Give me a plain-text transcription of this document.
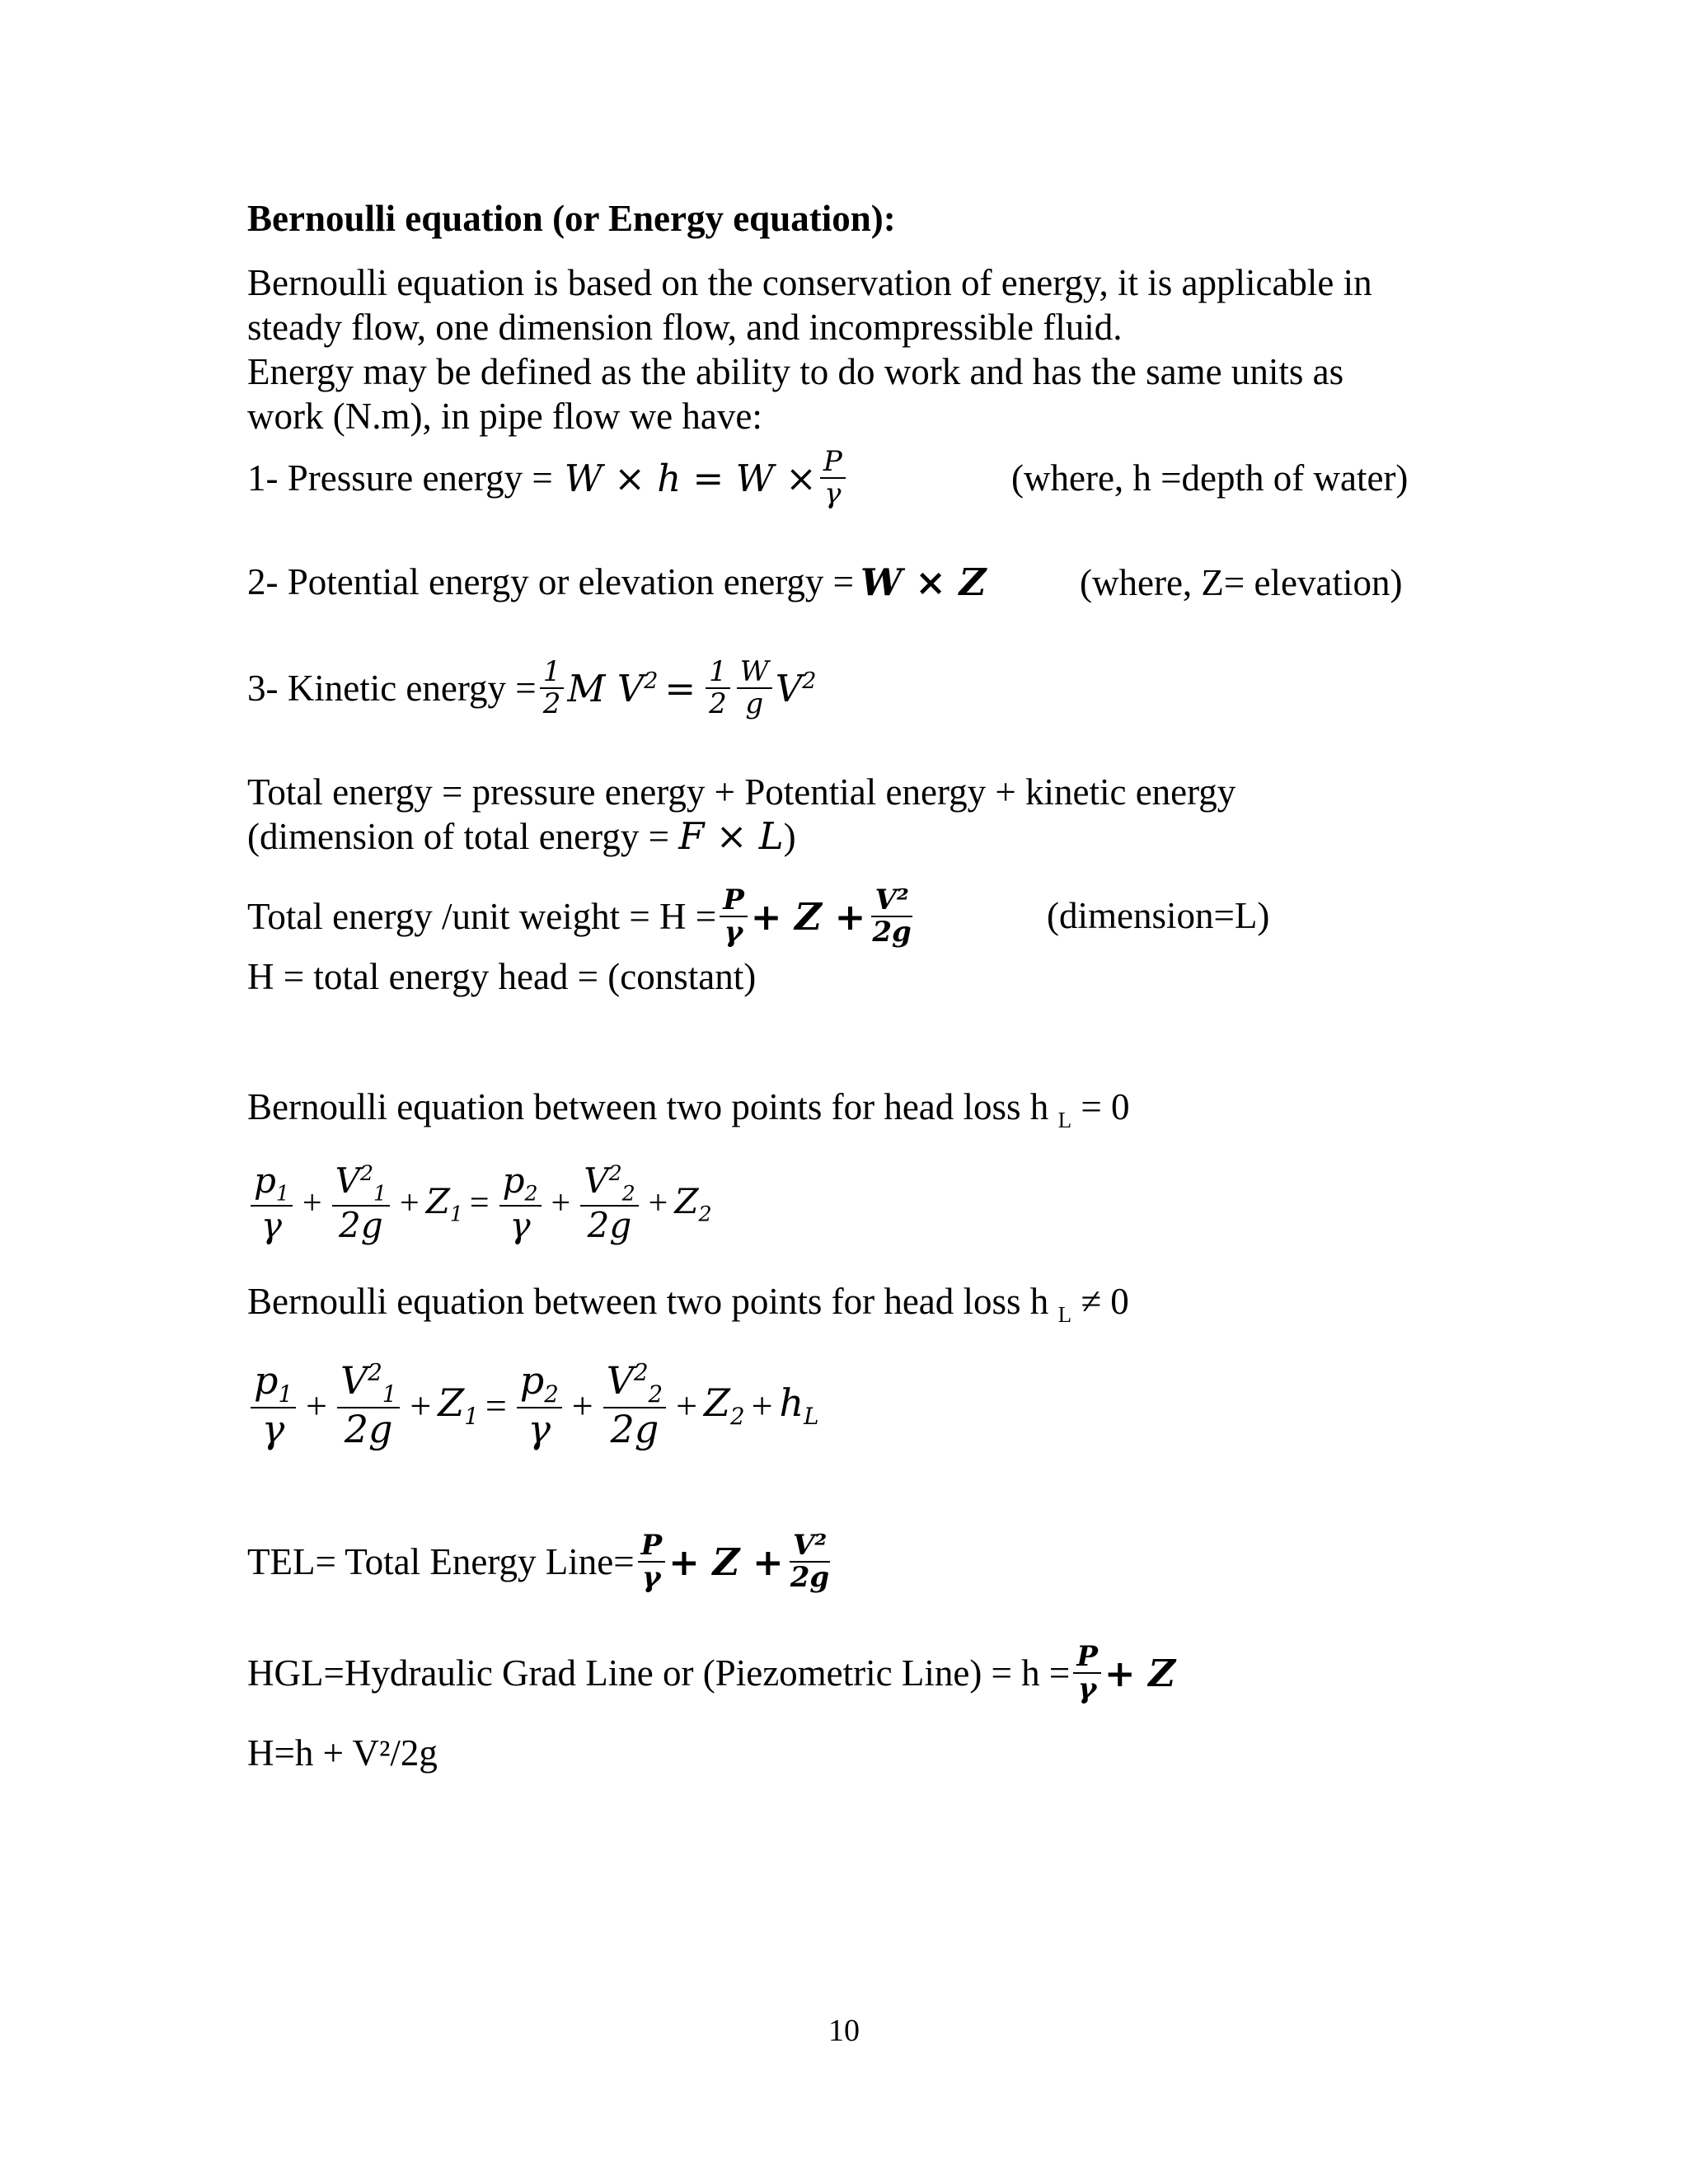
Bernoulli equation (or Energy equation):
Bernoulli equation is based on the conservation of energy, it is applicable in
steady flow, one dimension flow, and incompressible fluid.
Energy may be defined as the ability to do work and has the same units as
work (N.m), in pipe flow we have:
1- Pressure energy = $W \times h = W \times \frac{P}{\gamma}$	(where, h =depth of water)
2- Potential energy or elevation energy = W × Z	(where, Z= elevation)
3- Kinetic energy = $\frac{1}{2}$ M $V^2 = \frac{1}{2} \frac{W}{g} V^2$
Total energy = pressure energy + Potential energy + kinetic energy
(dimension of total energy = F × L)
Total energy /unit weight = $H = \frac{P}{\gamma} + Z + \frac{\text{V²}}{2g}$	(dimension=L)
H = total energy head = (constant)
Bernoulli equation between two points for head loss h $_L$ = 0
$\frac{p_1}{\gamma} + \frac{V^2_1}{2g} + Z_1 = \frac{p_2}{\gamma} + \frac{V^2_2}{2g} + Z_2$
Bernoulli equation between two points for head loss h $_L$ ≠ 0
$\frac{p_1}{\gamma} + \frac{V^2_1}{2g} + Z_1 = \frac{p_2}{\gamma} + \frac{V^2_2}{2g} + Z_2 + h_L$
TEL= Total Energy Line= $\frac{P}{\gamma} + Z + \frac{\text{V²}}{2g}$
HGL=Hydraulic Grad Line or (Piezometric Line) = $h = \frac{P}{\gamma} + Z$
H=h + V²/2g
10
